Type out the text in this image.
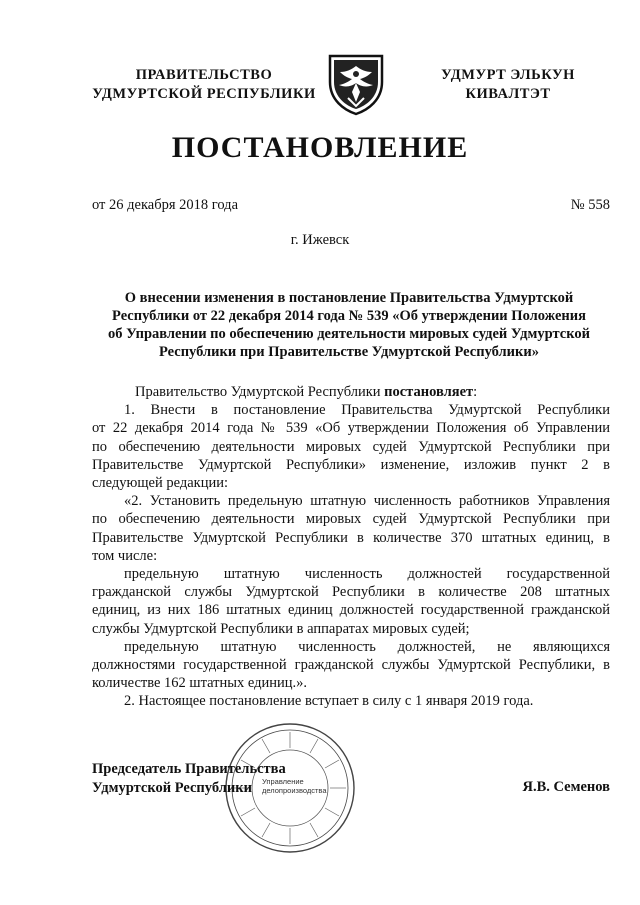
ПРАВИТЕЛЬСТВО
УДМУРТСКОЙ РЕСПУБЛИКИ
УДМУРТ ЭЛЬКУН
КИВАЛТЭТ
ПОСТАНОВЛЕНИЕ
от 26 декабря 2018 года	№ 558
г. Ижевск
О внесении изменения в постановление Правительства Удмуртской
Республики от 22 декабря 2014 года № 539 «Об утверждении Положения
об Управлении по обеспечению деятельности мировых судей Удмуртской
Республики при Правительстве Удмуртской Республики»
Правительство Удмуртской Республики постановляет:
1. Внести в постановление Правительства Удмуртской Республики
от 22 декабря 2014 года № 539 «Об утверждении Положения об Управлении
по обеспечению деятельности мировых судей Удмуртской Республики при
Правительстве Удмуртской Республики» изменение, изложив пункт 2 в
следующей редакции:
«2. Установить предельную штатную численность работников Управления
по обеспечению деятельности мировых судей Удмуртской Республики при
Правительстве Удмуртской Республики в количестве 370 штатных единиц, в
том числе:
предельную штатную численность должностей государственной
гражданской службы Удмуртской Республики в количестве 208 штатных
единиц, из них 186 штатных единиц должностей государственной гражданской
службы Удмуртской Республики в аппаратах мировых судей;
предельную штатную численность должностей, не являющихся
должностями государственной гражданской службы Удмуртской Республики, в
количестве 162 штатных единиц.».
2. Настоящее постановление вступает в силу с 1 января 2019 года.
Управление
делопроизводства
Председатель Правительства
Удмуртской Республики	Я.В. Семенов
